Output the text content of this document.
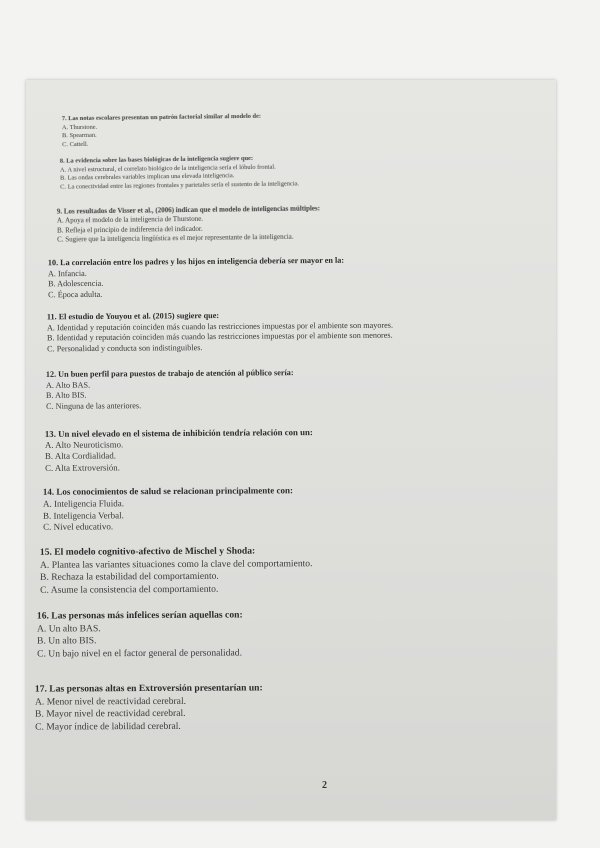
7. Las notas escolares presentan un patrón factorial similar al modelo de:
A. Thurstone.
B. Spearman.
C. Cattell.
8. La evidencia sobre las bases biológicas de la inteligencia sugiere que:
A. A nivel estructural, el correlato biológico de la inteligencia sería el lóbulo frontal.
B. Las ondas cerebrales variables implican una elevada inteligencia.
C. La conectividad entre las regiones frontales y parietales sería el sustento de la inteligencia.
9. Los resultados de Visser et al., (2006) indican que el modelo de inteligencias múltiples:
A. Apoya el modelo de la inteligencia de Thurstone.
B. Refleja el principio de indiferencia del indicador.
C. Sugiere que la inteligencia lingüística es el mejor representante de la inteligencia.
10. La correlación entre los padres y los hijos en inteligencia debería ser mayor en la:
A. Infancia.
B. Adolescencia.
C. Época adulta.
11. El estudio de Youyou et al. (2015) sugiere que:
A. Identidad y reputación coinciden más cuando las restricciones impuestas por el ambiente son mayores.
B. Identidad y reputación coinciden más cuando las restricciones impuestas por el ambiente son menores.
C. Personalidad y conducta son indistinguibles.
12. Un buen perfil para puestos de trabajo de atención al público sería:
A. Alto BAS.
B. Alto BIS.
C. Ninguna de las anteriores.
13. Un nivel elevado en el sistema de inhibición tendría relación con un:
A. Alto Neuroticismo.
B. Alta Cordialidad.
C. Alta Extroversión.
14. Los conocimientos de salud se relacionan principalmente con:
A. Inteligencia Fluida.
B. Inteligencia Verbal.
C. Nivel educativo.
15. El modelo cognitivo-afectivo de Mischel y Shoda:
A. Plantea las variantes situaciones como la clave del comportamiento.
B. Rechaza la estabilidad del comportamiento.
C. Asume la consistencia del comportamiento.
16. Las personas más infelices serían aquellas con:
A. Un alto BAS.
B. Un alto BIS.
C. Un bajo nivel en el factor general de personalidad.
17. Las personas altas en Extroversión presentarían un:
A. Menor nivel de reactividad cerebral.
B. Mayor nivel de reactividad cerebral.
C. Mayor índice de labilidad cerebral.
2
